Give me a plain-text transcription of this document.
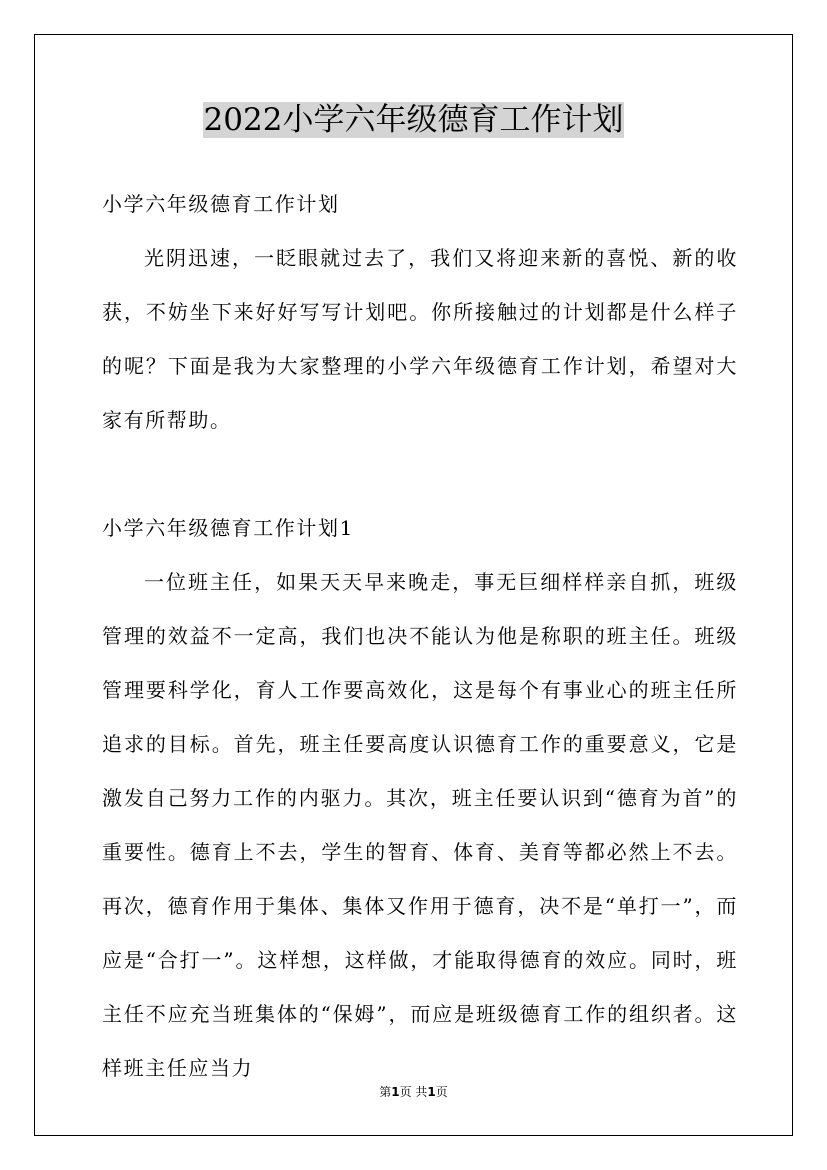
2022小学六年级德育工作计划

小学六年级德育工作计划

光阴迅速，一眨眼就过去了，我们又将迎来新的喜悦、新的收获，不妨坐下来好好写写计划吧。你所接触过的计划都是什么样子的呢？下面是我为大家整理的小学六年级德育工作计划，希望对大家有所帮助。

小学六年级德育工作计划1

一位班主任，如果天天早来晚走，事无巨细样样亲自抓，班级管理的效益不一定高，我们也决不能认为他是称职的班主任。班级管理要科学化，育人工作要高效化，这是每个有事业心的班主任所追求的目标。首先，班主任要高度认识德育工作的重要意义，它是激发自己努力工作的内驱力。其次，班主任要认识到“德育为首”的重要性。德育上不去，学生的智育、体育、美育等都必然上不去。再次，德育作用于集体、集体又作用于德育，决不是“单打一”，而应是“合打一”。这样想，这样做，才能取得德育的效应。同时，班主任不应充当班集体的“保姆”，而应是班级德育工作的组织者。这样班主任应当力

第1页 共1页
